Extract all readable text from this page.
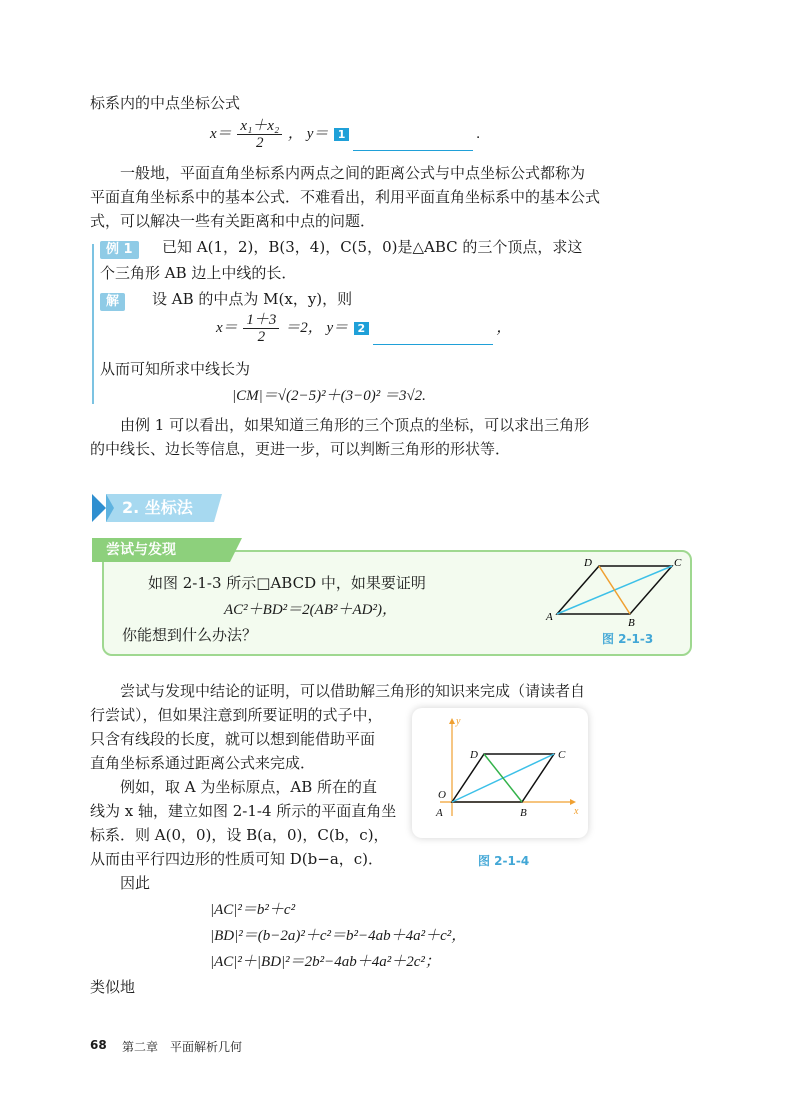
标系内的中点坐标公式
$x= \frac{\text{x₁＋x₂}}{2}$ ， y＝ 1	.
一般地，平面直角坐标系内两点之间的距离公式与中点坐标公式都称为
平面直角坐标系中的基本公式．不难看出，利用平面直角坐标系中的基本公式
式，可以解决一些有关距离和中点的问题．
例 1	已知 A(1，2)，B(3，4)，C(5，0)是△ABC 的三个顶点，求这
个三角形 AB 边上中线的长．
解	设 AB 的中点为 M(x，y)，则
$x= \frac{1+3}{2} =2$， y＝ 2	，
从而可知所求中线长为
|CM|＝√(2−5)²＋(3−0)² ＝3√2.
由例 1 可以看出，如果知道三角形的三个顶点的坐标，可以求出三角形
的中线长、边长等信息，更进一步，可以判断三角形的形状等．
2. 坐标法
尝试与发现
如图 2-1-3 所示□ABCD 中，如果要证明
AC²＋BD²＝2(AB²＋AD²)，
你能想到什么办法？
A	B
C
D
图 2-1-3
尝试与发现中结论的证明，可以借助解三角形的知识来完成（请读者自
行尝试），但如果注意到所要证明的式子中，
只含有线段的长度，就可以想到能借助平面
直角坐标系通过距离公式来完成．
例如，取 A 为坐标原点，AB 所在的直
线为 x 轴，建立如图 2-1-4 所示的平面直角坐
标系．则 A(0，0)，设 B(a，0)，C(b，c)，
从而由平行四边形的性质可知 D(b−a，c)．
因此
y
x
O
A	B
C
D
图 2-1-4
|AC|²＝b²＋c²
|BD|²＝(b−2a)²＋c²＝b²−4ab＋4a²＋c²，
|AC|²＋|BD|²＝2b²−4ab＋4a²＋2c²；
类似地
68 第二章　平面解析几何
